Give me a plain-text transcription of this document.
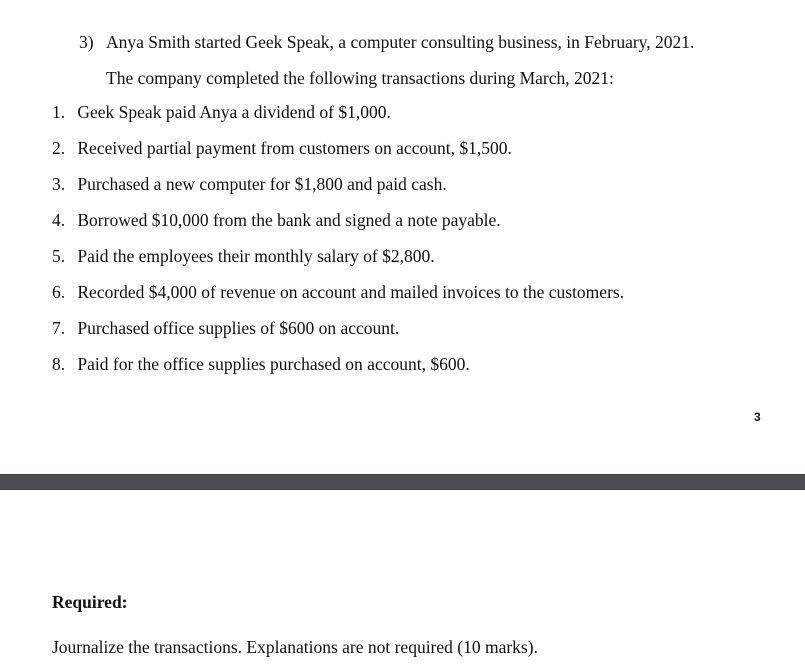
3) Anya Smith started Geek Speak, a computer consulting business, in February, 2021.
The company completed the following transactions during March, 2021:
1. Geek Speak paid Anya a dividend of $1,000.
2. Received partial payment from customers on account, $1,500.
3. Purchased a new computer for $1,800 and paid cash.
4. Borrowed $10,000 from the bank and signed a note payable.
5. Paid the employees their monthly salary of $2,800.
6. Recorded $4,000 of revenue on account and mailed invoices to the customers.
7. Purchased office supplies of $600 on account.
8. Paid for the office supplies purchased on account, $600.
3
Required:
Journalize the transactions. Explanations are not required (10 marks).
